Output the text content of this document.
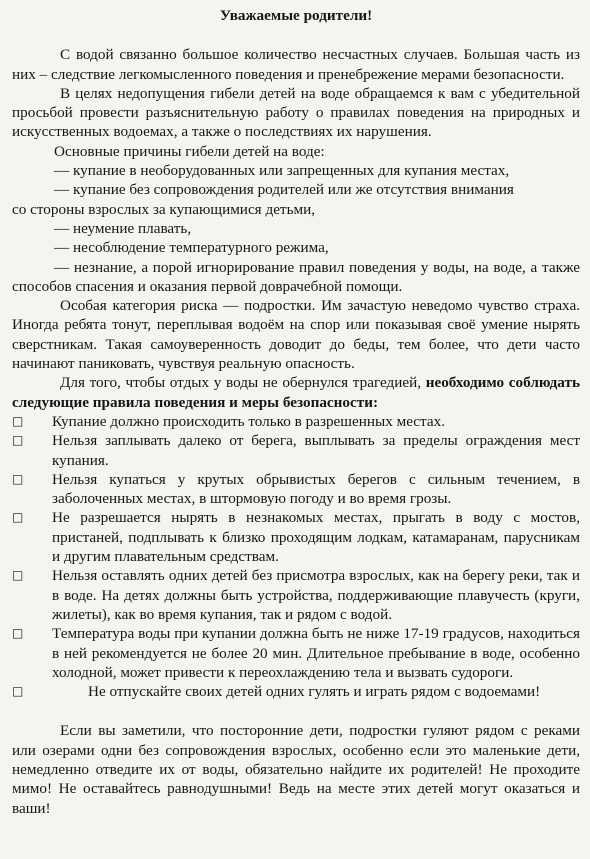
Уважаемые родители!

С водой связанно большое количество несчастных случаев. Большая часть из них – следствие легкомысленного поведения и пренебрежение мерами безопасности.

В целях недопущения гибели детей на воде обращаемся к вам с убедительной просьбой провести разъяснительную работу о правилах поведения на природных и искусственных водоемах, а также о последствиях их нарушения.

Основные причины гибели детей на воде:

— купание в необорудованных или запрещенных для купания местах,

— купание без сопровождения родителей или же отсутствия внимания

со стороны взрослых за купающимися детьми,

— неумение плавать,

— несоблюдение температурного режима,

— незнание, а порой игнорирование правил поведения у воды, на воде, а также способов спасения и оказания первой доврачебной помощи.

Особая категория риска — подростки. Им зачастую неведомо чувство страха. Иногда ребята тонут, переплывая водоём на спор или показывая своё умение нырять сверстникам. Такая самоуверенность доводит до беды, тем более, что дети часто начинают паниковать, чувствуя реальную опасность.

Для того, чтобы отдых у воды не обернулся трагедией, необходимо соблюдать следующие правила поведения и меры безопасности:

□	Купание должно происходить только в разрешенных местах.
□	Нельзя заплывать далеко от берега, выплывать за пределы ограждения мест купания.
□	Нельзя купаться у крутых обрывистых берегов с сильным течением, в заболоченных местах, в штормовую погоду и во время грозы.
□	Не разрешается нырять в незнакомых местах, прыгать в воду с мостов, пристаней, подплывать к близко проходящим лодкам, катамаранам, парусникам и другим плавательным средствам.
□	Нельзя оставлять одних детей без присмотра взрослых, как на берегу реки, так и в воде. На детях должны быть устройства, поддерживающие плавучесть (круги, жилеты), как во время купания, так и рядом с водой.
□	Температура воды при купании должна быть не ниже 17-19 градусов, находиться в ней рекомендуется не более 20 мин. Длительное пребывание в воде, особенно холодной, может привести к переохлаждению тела и вызвать судороги.
□	Не отпускайте своих детей одних гулять и играть рядом с водоемами!

Если вы заметили, что посторонние дети, подростки гуляют рядом с реками или озерами одни без сопровождения взрослых, особенно если это маленькие дети, немедленно отведите их от воды, обязательно найдите их родителей! Не проходите мимо! Не оставайтесь равнодушными! Ведь на месте этих детей могут оказаться и ваши!
